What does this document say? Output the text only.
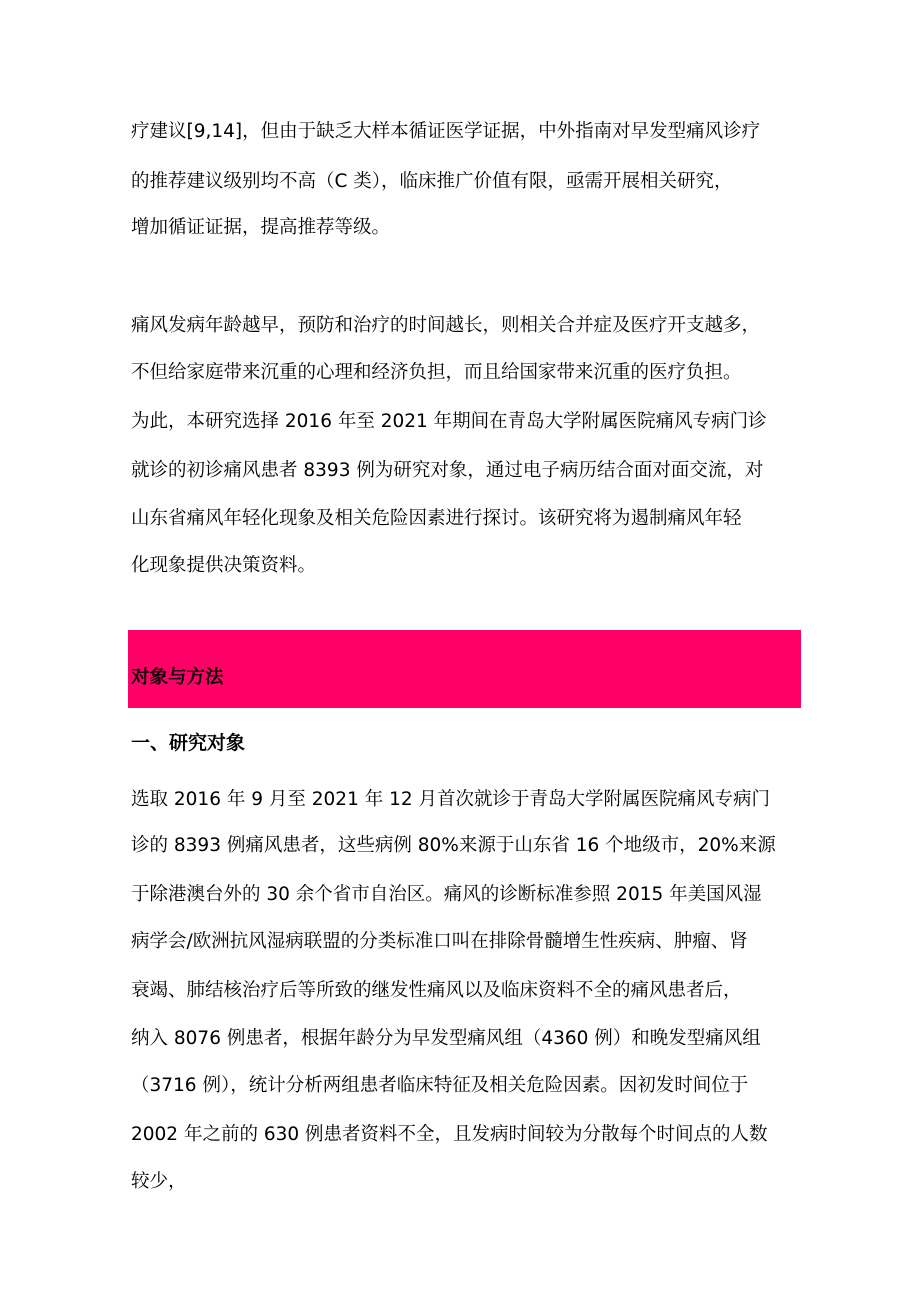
疗建议[9,14]，但由于缺乏大样本循证医学证据，中外指南对早发型痛风诊疗
的推荐建议级别均不高（C 类），临床推广价值有限，亟需开展相关研究，
增加循证证据，提高推荐等级。
痛风发病年龄越早，预防和治疗的时间越长，则相关合并症及医疗开支越多，
不但给家庭带来沉重的心理和经济负担，而且给国家带来沉重的医疗负担。
为此，本研究选择 2016 年至 2021 年期间在青岛大学附属医院痛风专病门诊
就诊的初诊痛风患者 8393 例为研究对象，通过电子病历结合面对面交流，对
山东省痛风年轻化现象及相关危险因素进行探讨。该研究将为遏制痛风年轻
化现象提供决策资料。
对象与方法
一、研究对象
选取 2016 年 9 月至 2021 年 12 月首次就诊于青岛大学附属医院痛风专病门
诊的 8393 例痛风患者，这些病例 80%来源于山东省 16 个地级市，20%来源
于除港澳台外的 30 余个省市自治区。痛风的诊断标准参照 2015 年美国风湿
病学会/欧洲抗风湿病联盟的分类标准口叫在排除骨髓增生性疾病、肿瘤、肾
衰竭、肺结核治疗后等所致的继发性痛风以及临床资料不全的痛风患者后，
纳入 8076 例患者，根据年龄分为早发型痛风组（4360 例）和晚发型痛风组
（3716 例），统计分析两组患者临床特征及相关危险因素。因初发时间位于
2002 年之前的 630 例患者资料不全，且发病时间较为分散每个时间点的人数
较少，
